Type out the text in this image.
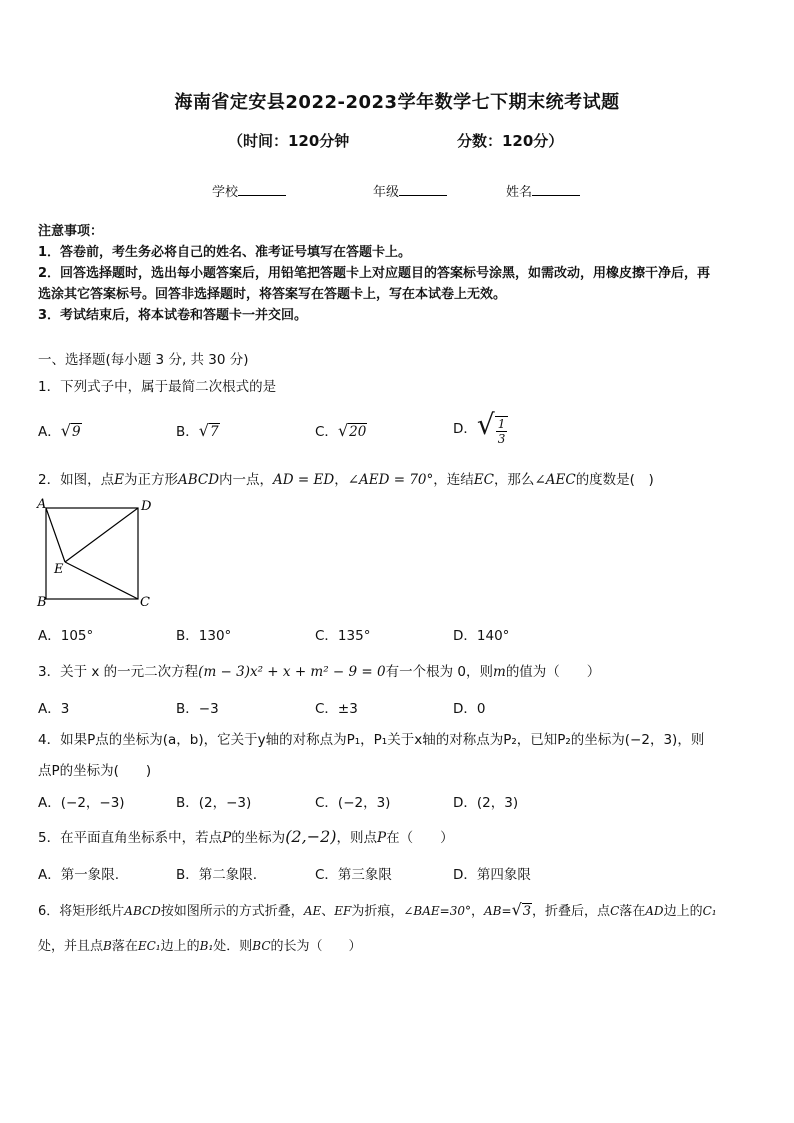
海南省定安县2022-2023学年数学七下期末统考试题
（时间：120分钟	分数：120分）
学校	年级	姓名
注意事项：
1．答卷前，考生务必将自己的姓名、准考证号填写在答题卡上。
2．回答选择题时，选出每小题答案后，用铅笔把答题卡上对应题目的答案标号涂黑，如需改动，用橡皮擦干净后，再
选涂其它答案标号。回答非选择题时，将答案写在答题卡上，写在本试卷上无效。
3．考试结束后，将本试卷和答题卡一并交回。
一、选择题(每小题 3 分, 共 30 分)
1．下列式子中，属于最简二次根式的是
A．√9	B．√7	C．√20	D．√ $\frac{1}{3}$
2．如图，点E为正方形ABCD内一点，AD = ED，∠AED = 70°，连结EC，那么∠AEC的度数是(　)
A	D
B	C
E
A．105°	B．130°	C．135°	D．140°
3．关于 x 的一元二次方程(m − 3)x² + x + m² − 9 = 0有一个根为 0，则m的值为（　　）
A．3	B．−3	C．±3	D．0
4．如果P点的坐标为(a，b)，它关于y轴的对称点为P₁，P₁关于x轴的对称点为P₂，已知P₂的坐标为(−2，3)，则
点P的坐标为(　　)
A．(−2，−3)	B．(2，−3)	C．(−2，3)	D．(2，3)
5．在平面直角坐标系中，若点P的坐标为(2,−2)，则点P在（　　）
A．第一象限.	B．第二象限.	C．第三象限	D．第四象限
6．将矩形纸片ABCD按如图所示的方式折叠，AE、EF为折痕，∠BAE=30°，AB=√3，折叠后，点C落在AD边上的C₁
处，并且点B落在EC₁边上的B₁处．则BC的长为（　　）
